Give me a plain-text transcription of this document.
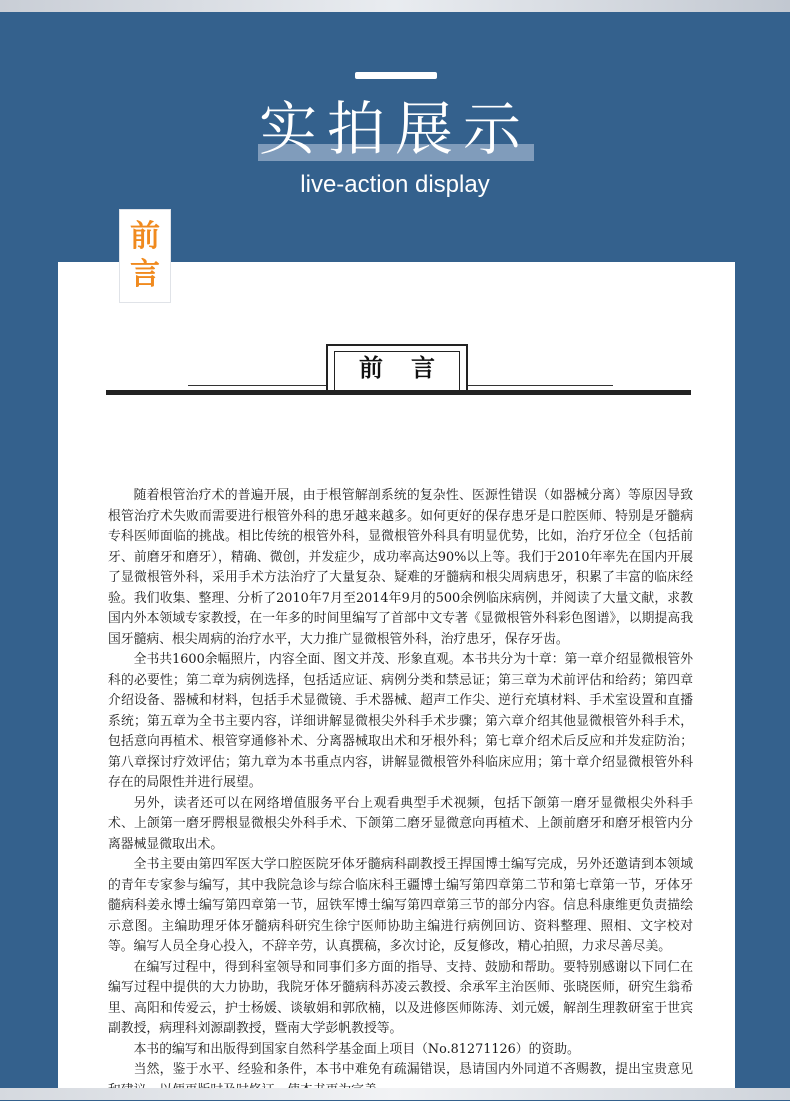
实拍展示
live-action display
前
言
前言

随着根管治疗术的普遍开展，由于根管解剖系统的复杂性、医源性错误（如器械分离）等原因导致根管治疗术失败而需要进行根管外科的患牙越来越多。如何更好的保存患牙是口腔医师、特别是牙髓病专科医师面临的挑战。相比传统的根管外科，显微根管外科具有明显优势，比如，治疗牙位全（包括前牙、前磨牙和磨牙），精确、微创，并发症少，成功率高达90%以上等。我们于2010年率先在国内开展了显微根管外科，采用手术方法治疗了大量复杂、疑难的牙髓病和根尖周病患牙，积累了丰富的临床经验。我们收集、整理、分析了2010年7月至2014年9月的500余例临床病例，并阅读了大量文献，求教国内外本领域专家教授，在一年多的时间里编写了首部中文专著《显微根管外科彩色图谱》，以期提高我国牙髓病、根尖周病的治疗水平，大力推广显微根管外科，治疗患牙，保存牙齿。

全书共1600余幅照片，内容全面、图文并茂、形象直观。本书共分为十章：第一章介绍显微根管外科的必要性；第二章为病例选择，包括适应证、病例分类和禁忌证；第三章为术前评估和给药；第四章介绍设备、器械和材料，包括手术显微镜、手术器械、超声工作尖、逆行充填材料、手术室设置和直播系统；第五章为全书主要内容，详细讲解显微根尖外科手术步骤；第六章介绍其他显微根管外科手术，包括意向再植术、根管穿通修补术、分离器械取出术和牙根外科；第七章介绍术后反应和并发症防治；第八章探讨疗效评估；第九章为本书重点内容，讲解显微根管外科临床应用；第十章介绍显微根管外科存在的局限性并进行展望。

另外，读者还可以在网络增值服务平台上观看典型手术视频，包括下颌第一磨牙显微根尖外科手术、上颌第一磨牙腭根显微根尖外科手术、下颌第二磨牙显微意向再植术、上颌前磨牙和磨牙根管内分离器械显微取出术。

全书主要由第四军医大学口腔医院牙体牙髓病科副教授王捍国博士编写完成，另外还邀请到本领域的青年专家参与编写，其中我院急诊与综合临床科王疆博士编写第四章第二节和第七章第一节，牙体牙髓病科姜永博士编写第四章第一节，屈铁军博士编写第四章第三节的部分内容。信息科康维更负责描绘示意图。主编助理牙体牙髓病科研究生徐宁医师协助主编进行病例回访、资料整理、照相、文字校对等。编写人员全身心投入，不辞辛劳，认真撰稿，多次讨论，反复修改，精心拍照，力求尽善尽美。

在编写过程中，得到科室领导和同事们多方面的指导、支持、鼓励和帮助。要特别感谢以下同仁在编写过程中提供的大力协助，我院牙体牙髓病科苏凌云教授、余承军主治医师、张晓医师，研究生翁希里、高阳和传爱云，护士杨媛、谈敏娟和郭欣楠，以及进修医师陈涛、刘元媛，解剖生理教研室于世宾副教授，病理科刘源副教授，暨南大学彭帆教授等。

本书的编写和出版得到国家自然科学基金面上项目（No.81271126）的资助。

当然，鉴于水平、经验和条件，本书中难免有疏漏错误，恳请国内外同道不吝赐教，提出宝贵意见
